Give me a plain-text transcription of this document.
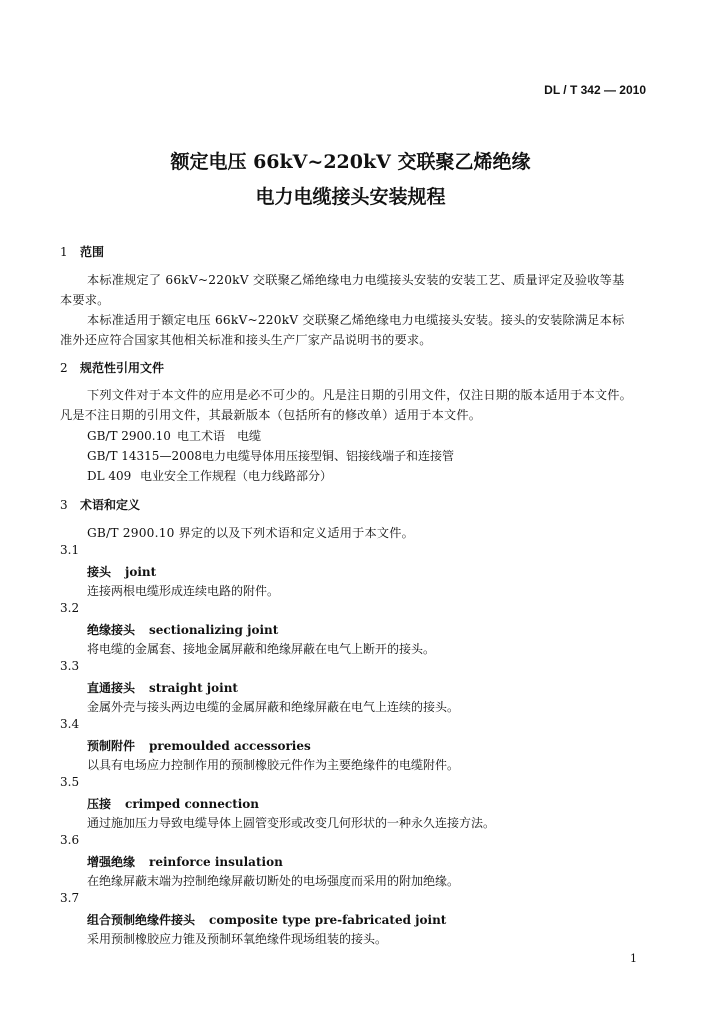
DL / T 342 — 2010
额定电压 66kV~220kV 交联聚乙烯绝缘
电力电缆接头安装规程
1 范围
本标准规定了 66kV~220kV 交联聚乙烯绝缘电力电缆接头安装的安装工艺、质量评定及验收等基
本要求。
本标准适用于额定电压 66kV~220kV 交联聚乙烯绝缘电力电缆接头安装。接头的安装除满足本标
准外还应符合国家其他相关标准和接头生产厂家产品说明书的要求。
2 规范性引用文件
下列文件对于本文件的应用是必不可少的。凡是注日期的引用文件，仅注日期的版本适用于本文件。
凡是不注日期的引用文件，其最新版本（包括所有的修改单）适用于本文件。
GB/T 2900.10 电工术语　电缆
GB/T 14315—2008电力电缆导体用压接型铜、铝接线端子和连接管
DL 409 电业安全工作规程（电力线路部分）
3 术语和定义
GB/T 2900.10 界定的以及下列术语和定义适用于本文件。
3.1
接头 joint
连接两根电缆形成连续电路的附件。
3.2
绝缘接头 sectionalizing joint
将电缆的金属套、接地金属屏蔽和绝缘屏蔽在电气上断开的接头。
3.3
直通接头 straight joint
金属外壳与接头两边电缆的金属屏蔽和绝缘屏蔽在电气上连续的接头。
3.4
预制附件 premoulded accessories
以具有电场应力控制作用的预制橡胶元件作为主要绝缘件的电缆附件。
3.5
压接 crimped connection
通过施加压力导致电缆导体上圆管变形或改变几何形状的一种永久连接方法。
3.6
增强绝缘 reinforce insulation
在绝缘屏蔽末端为控制绝缘屏蔽切断处的电场强度而采用的附加绝缘。
3.7
组合预制绝缘件接头 composite type pre-fabricated joint
采用预制橡胶应力锥及预制环氧绝缘件现场组装的接头。
1
